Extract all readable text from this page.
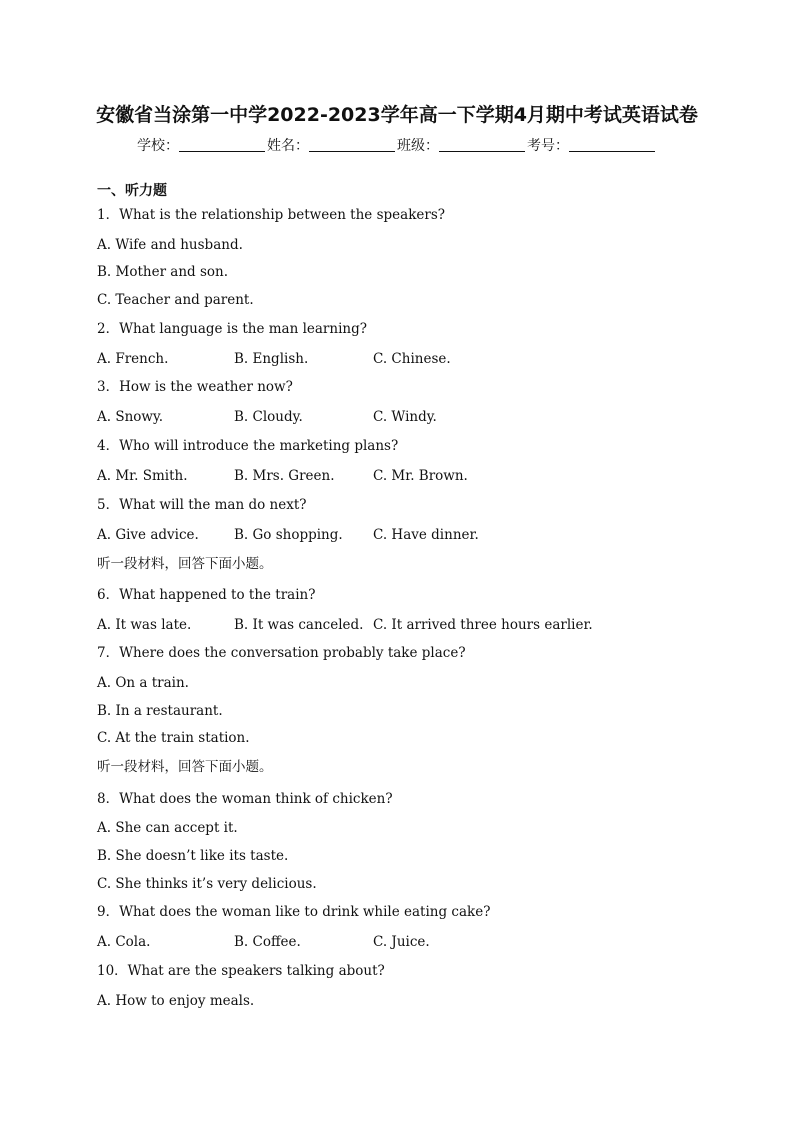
安徽省当涂第一中学2022-2023学年高一下学期4月期中考试英语试卷
学校：	姓名：	班级：	考号：
一、听力题
1．What is the relationship between the speakers?
A. Wife and husband.
B. Mother and son.
C. Teacher and parent.
2．What language is the man learning?
A. French.	B. English.	C. Chinese.
3．How is the weather now?
A. Snowy.	B. Cloudy.	C. Windy.
4．Who will introduce the marketing plans?
A. Mr. Smith.	B. Mrs. Green.	C. Mr. Brown.
5．What will the man do next?
A. Give advice.	B. Go shopping. C. Have dinner.
听一段材料，回答下面小题。
6．What happened to the train?
A. It was late.	B. It was canceled. C. It arrived three hours earlier.
7．Where does the conversation probably take place?
A. On a train.
B. In a restaurant.
C. At the train station.
听一段材料，回答下面小题。
8．What does the woman think of chicken?
A. She can accept it.
B. She doesn’t like its taste.
C. She thinks it’s very delicious.
9．What does the woman like to drink while eating cake?
A. Cola.	B. Coffee.	C. Juice.
10．What are the speakers talking about?
A. How to enjoy meals.
